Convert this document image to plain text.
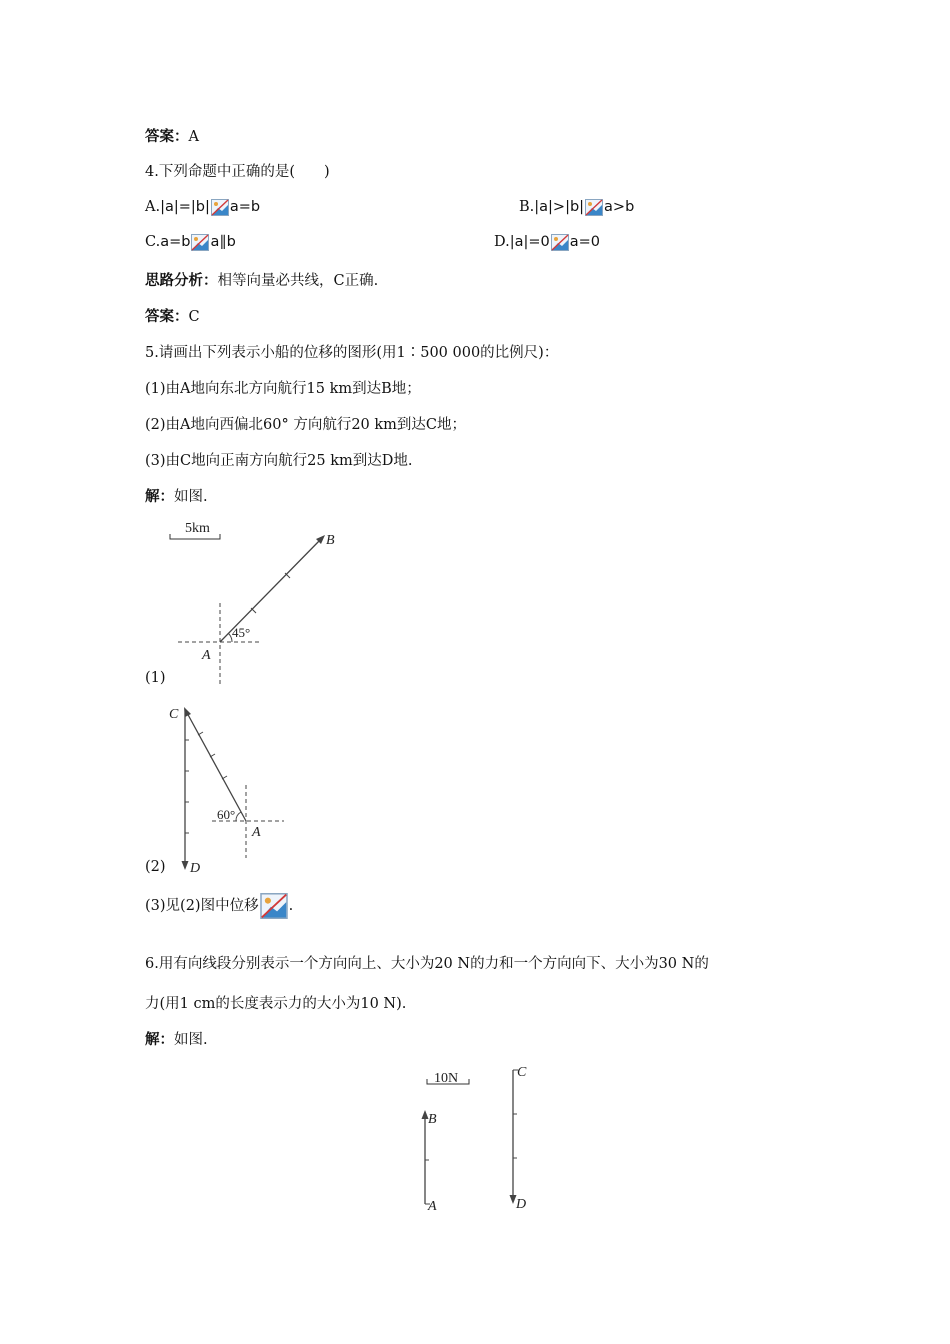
答案：A
4.下列命题中正确的是(　　)
A.|a|=|b| a=b	B.|a|>|b| a>b
C.a=b a∥b	D.|a|=0 a=0
思路分析：相等向量必共线，C正确.
答案：C
5.请画出下列表示小船的位移的图形(用1∶500 000的比例尺)：
(1)由A地向东北方向航行15 km到达B地；
(2)由A地向西偏北60° 方向航行20 km到达C地；
(3)由C地向正南方向航行25 km到达D地.
解：如图.
5km
45°
A
B
(1)
60°
A
C
D
(2)
(3)见(2)图中位移 .
6.用有向线段分别表示一个方向向上、大小为20 N的力和一个方向向下、大小为30 N的
力(用1 cm的长度表示力的大小为10 N).
解：如图.
10N
B
A
C
D
